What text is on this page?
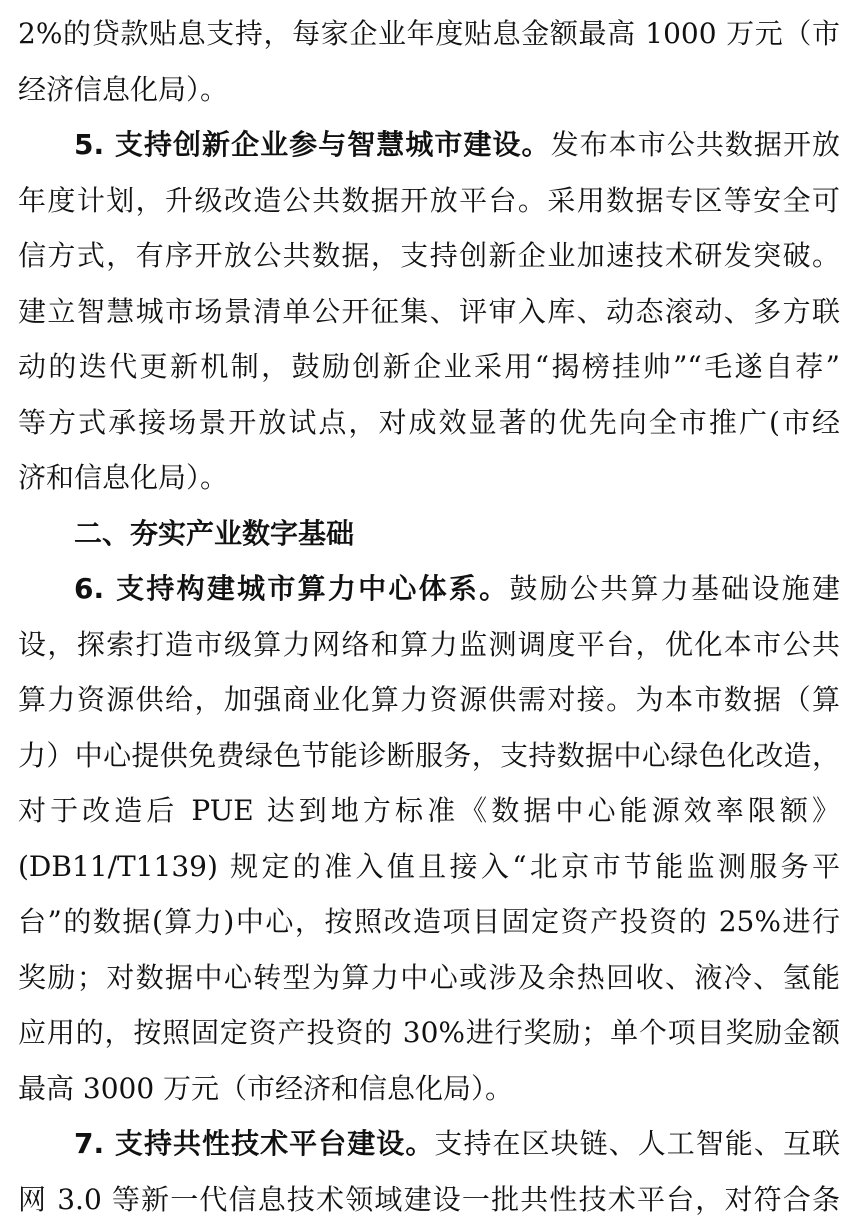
2%的贷款贴息支持，每家企业年度贴息金额最高 1000 万元（市
经济信息化局）。
5. 支持创新企业参与智慧城市建设。发布本市公共数据开放
年度计划，升级改造公共数据开放平台。采用数据专区等安全可
信方式，有序开放公共数据，支持创新企业加速技术研发突破。
建立智慧城市场景清单公开征集、评审入库、动态滚动、多方联
动的迭代更新机制，鼓励创新企业采用“揭榜挂帅”“毛遂自荐”
等方式承接场景开放试点，对成效显著的优先向全市推广(市经
济和信息化局）。
二、夯实产业数字基础
6. 支持构建城市算力中心体系。鼓励公共算力基础设施建
设，探索打造市级算力网络和算力监测调度平台，优化本市公共
算力资源供给，加强商业化算力资源供需对接。为本市数据（算
力）中心提供免费绿色节能诊断服务，支持数据中心绿色化改造，
对于改造后 PUE 达到地方标准《数据中心能源效率限额》
(DB11/T1139) 规定的准入值且接入“北京市节能监测服务平
台”的数据(算力)中心，按照改造项目固定资产投资的 25%进行
奖励；对数据中心转型为算力中心或涉及余热回收、液冷、氢能
应用的，按照固定资产投资的 30%进行奖励；单个项目奖励金额
最高 3000 万元（市经济和信息化局）。
7. 支持共性技术平台建设。支持在区块链、人工智能、互联
网 3.0 等新一代信息技术领域建设一批共性技术平台，对符合条
